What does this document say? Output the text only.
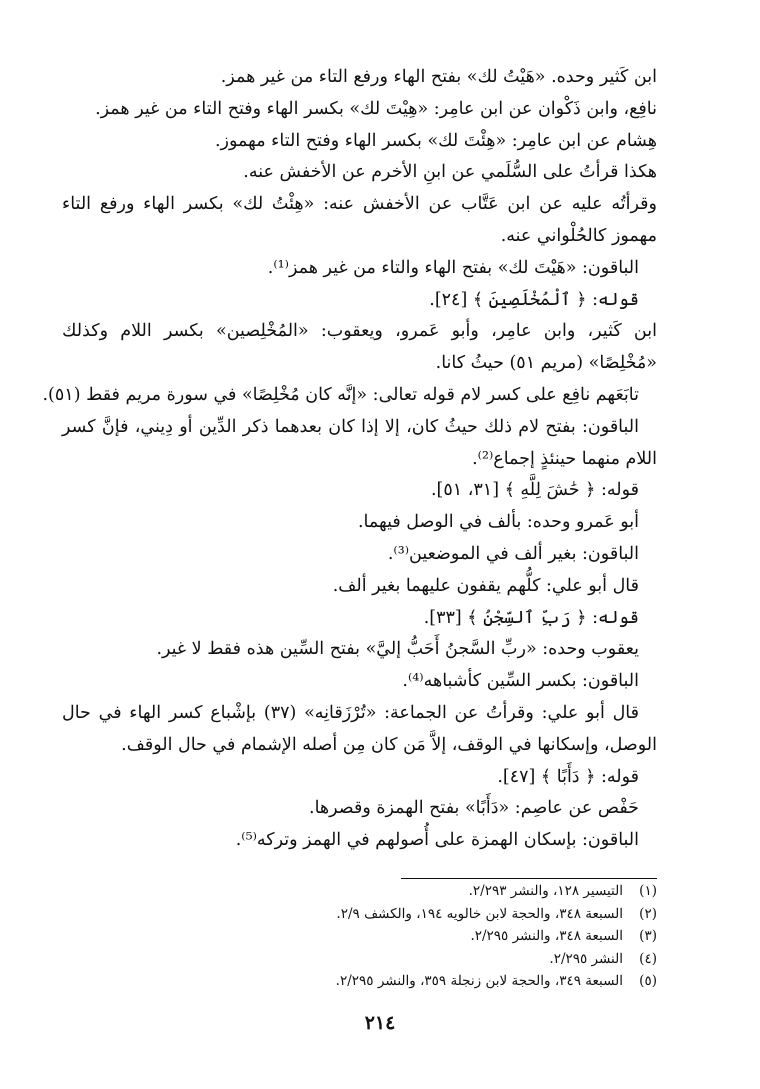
ابن كَثير وحده. «هَيْتُ لك» بفتح الهاء ورفع التاء من غير همز.
نافِع، وابن ذَكْوان عن ابن عامِر: «هِيْتَ لك» بكسر الهاء وفتح التاء من غير همز.
هِشام عن ابن عامِر: «هِئْتَ لك» بكسر الهاء وفتح التاء مهموز.
هكذا قرأتُ على السُّلَمي عن ابنِ الأخرم عن الأخفش عنه.
وقرأتُه عليه عن ابن عَتَّاب عن الأخفش عنه: «هِئْتُ لك» بكسر الهاء ورفع التاء
مهموز كالحُلْواني عنه.
الباقون: «هَيْتَ لك» بفتح الهاء والتاء من غير همز⁽¹⁾.
قوله: ﴿ ٱلْمُخْلَصِينَ ﴾ [٢٤].
ابن كَثير، وابن عامِر، وأبو عَمرو، ويعقوب: «المُخْلِصين» بكسر اللام وكذلك
«مُخْلِصًا» (مريم ٥١) حيثُ كانا.
تابَعَهم نافِع على كسر لام قوله تعالى: «إنَّه كان مُخْلِصًا» في سورة مريم فقط (٥١).
الباقون: بفتح لام ذلك حيثُ كان، إلا إذا كان بعدهما ذكر الدِّين أو دِيني، فإنَّ كسر
اللام منهما حينئذٍ إجماع⁽²⁾.
قوله: ﴿ حَٰشَ لِلَّهِ ﴾ [٣١، ٥١].
أبو عَمرو وحده: بألف في الوصل فيهما.
الباقون: بغير ألف في الموضعين⁽³⁾.
قال أبو علي: كلُّهم يقفون عليهما بغير ألف.
قوله: ﴿ رَبِّ ٱلسِّجْنُ ﴾ [٣٣].
يعقوب وحده: «ربِّ السَّجنُ أَحَبُّ إليَّ» بفتح السِّين هذه فقط لا غير.
الباقون: بكسر السِّين كأشباهه⁽⁴⁾.
قال أبو علي: وقرأتُ عن الجماعة: «تُرْزَقانِه» (٣٧) بإشْباع كسر الهاء في حال
الوصل، وإسكانها في الوقف، إلاَّ مَن كان مِن أصله الإشمام في حال الوقف.
قوله: ﴿ دَأَبًا ﴾ [٤٧].
حَفْص عن عاصِم: «دَأَبًا» بفتح الهمزة وقصرها.
الباقون: بإسكان الهمزة على أُصولهم في الهمز وتركه⁽⁵⁾.
(١)
التيسير ١٢٨، والنشر ٢/٢٩٣.
(٢)
السبعة ٣٤٨، والحجة لابن خالويه ١٩٤، والكشف ٢/٩.
(٣)
السبعة ٣٤٨، والنشر ٢/٢٩٥.
(٤)
النشر ٢/٢٩٥.
(٥)
السبعة ٣٤٩، والحجة لابن زنجلة ٣٥٩، والنشر ٢/٢٩٥.
٢١٤
